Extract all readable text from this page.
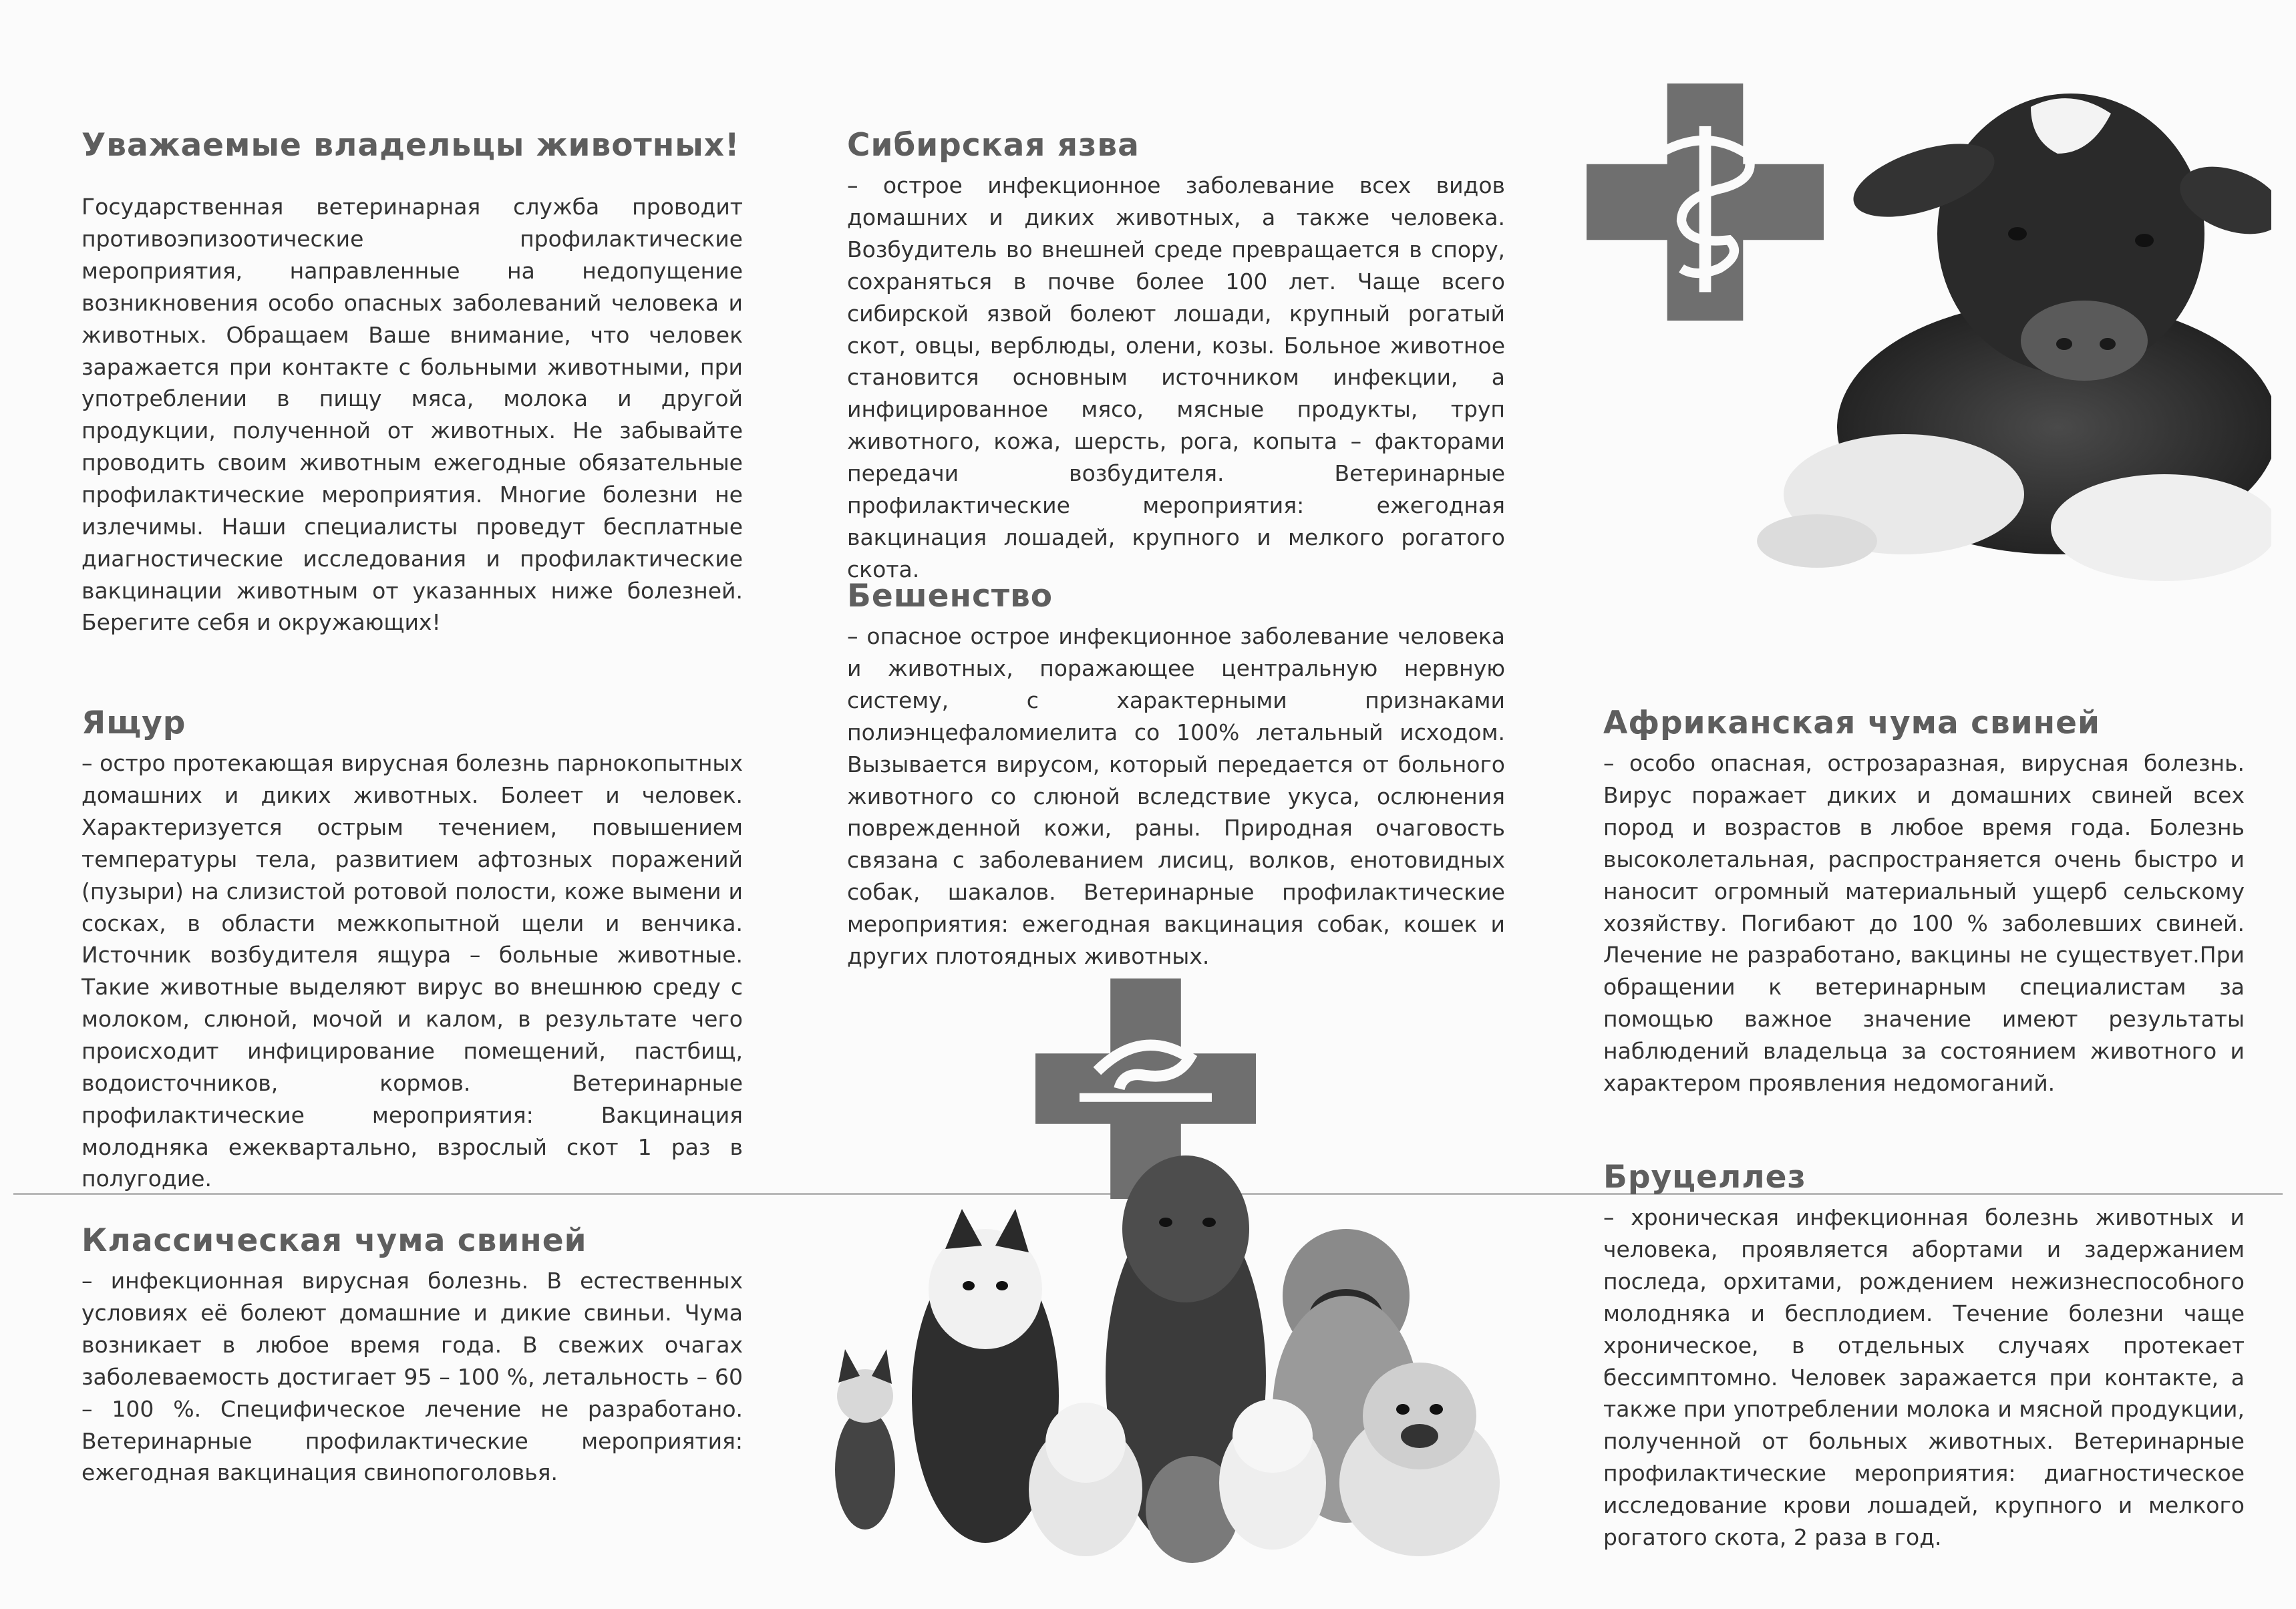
Уважаемые владельцы животных!

Государственная ветеринарная служба проводит противоэпизоотические профилактические мероприятия, направленные на недопущение возникновения особо опасных заболеваний человека и животных. Обращаем Ваше внимание, что человек заражается при контакте с больными животными, при употреблении в пищу мяса, молока и другой продукции, полученной от животных. Не забывайте проводить своим животным ежегодные обязательные профилактические мероприятия. Многие болезни не излечимы. Наши специалисты проведут бесплатные диагностические исследования и профилактические вакцинации животным от указанных ниже болезней. Берегите себя и окружающих!

Ящур

– остро протекающая вирусная болезнь парнокопытных домашних и диких животных. Болеет и человек. Характеризуется острым течением, повышением температуры тела, развитием афтозных поражений (пузыри) на слизистой ротовой полости, коже вымени и сосках, в области межкопытной щели и венчика. Источник возбудителя ящура – больные животные. Такие животные выделяют вирус во внешнюю среду с молоком, слюной, мочой и калом, в результате чего происходит инфицирование помещений, пастбищ, водоисточников, кормов. Ветеринарные профилактические мероприятия: Вакцинация молодняка ежеквартально, взрослый скот 1 раз в полугодие.

Классическая чума свиней

– инфекционная вирусная болезнь. В естественных условиях её болеют домашние и дикие свиньи. Чума возникает в любое время года. В свежих очагах заболеваемость достигает 95 – 100 %, летальность – 60 – 100 %. Специфическое лечение не разработано. Ветеринарные профилактические мероприятия: ежегодная вакцинация свинопоголовья.

Сибирская язва

– острое инфекционное заболевание всех видов домашних и диких животных, а также человека. Возбудитель во внешней среде превращается в спору, сохраняться в почве более 100 лет. Чаще всего сибирской язвой болеют лошади, крупный рогатый скот, овцы, верблюды, олени, козы. Больное животное становится основным источником инфекции, а инфицированное мясо, мясные продукты, труп животного, кожа, шерсть, рога, копыта – факторами передачи возбудителя. Ветеринарные профилактические мероприятия: ежегодная вакцинация лошадей, крупного и мелкого рогатого скота.

Бешенство

– опасное острое инфекционное заболевание человека и животных, поражающее центральную нервную систему, с характерными признаками полиэнцефаломиелита со 100% летальный исходом. Вызывается вирусом, который передается от больного животного со слюной вследствие укуса, ослюнения поврежденной кожи, раны. Природная очаговость связана с заболеванием лисиц, волков, енотовидных собак, шакалов. Ветеринарные профилактические мероприятия: ежегодная вакцинация собак, кошек и других плотоядных животных.

Африканская чума свиней

– особо опасная, острозаразная, вирусная болезнь. Вирус поражает диких и домашних свиней всех пород и возрастов в любое время года. Болезнь высоколетальная, распространяется очень быстро и наносит огромный материальный ущерб сельскому хозяйству. Погибают до 100 % заболевших свиней. Лечение не разработано, вакцины не существует.При обращении к ветеринарным специалистам за помощью важное значение имеют результаты наблюдений владельца за состоянием животного и характером проявления недомоганий.

Бруцеллез

– хроническая инфекционная болезнь животных и человека, проявляется абортами и задержанием последа, орхитами, рождением нежизнеспособного молодняка и бесплодием. Течение болезни чаще хроническое, в отдельных случаях протекает бессимптомно. Человек заражается при контакте, а также при употреблении молока и мясной продукции, полученной от больных животных. Ветеринарные профилактические мероприятия: диагностическое исследование крови лошадей, крупного и мелкого рогатого скота, 2 раза в год.
